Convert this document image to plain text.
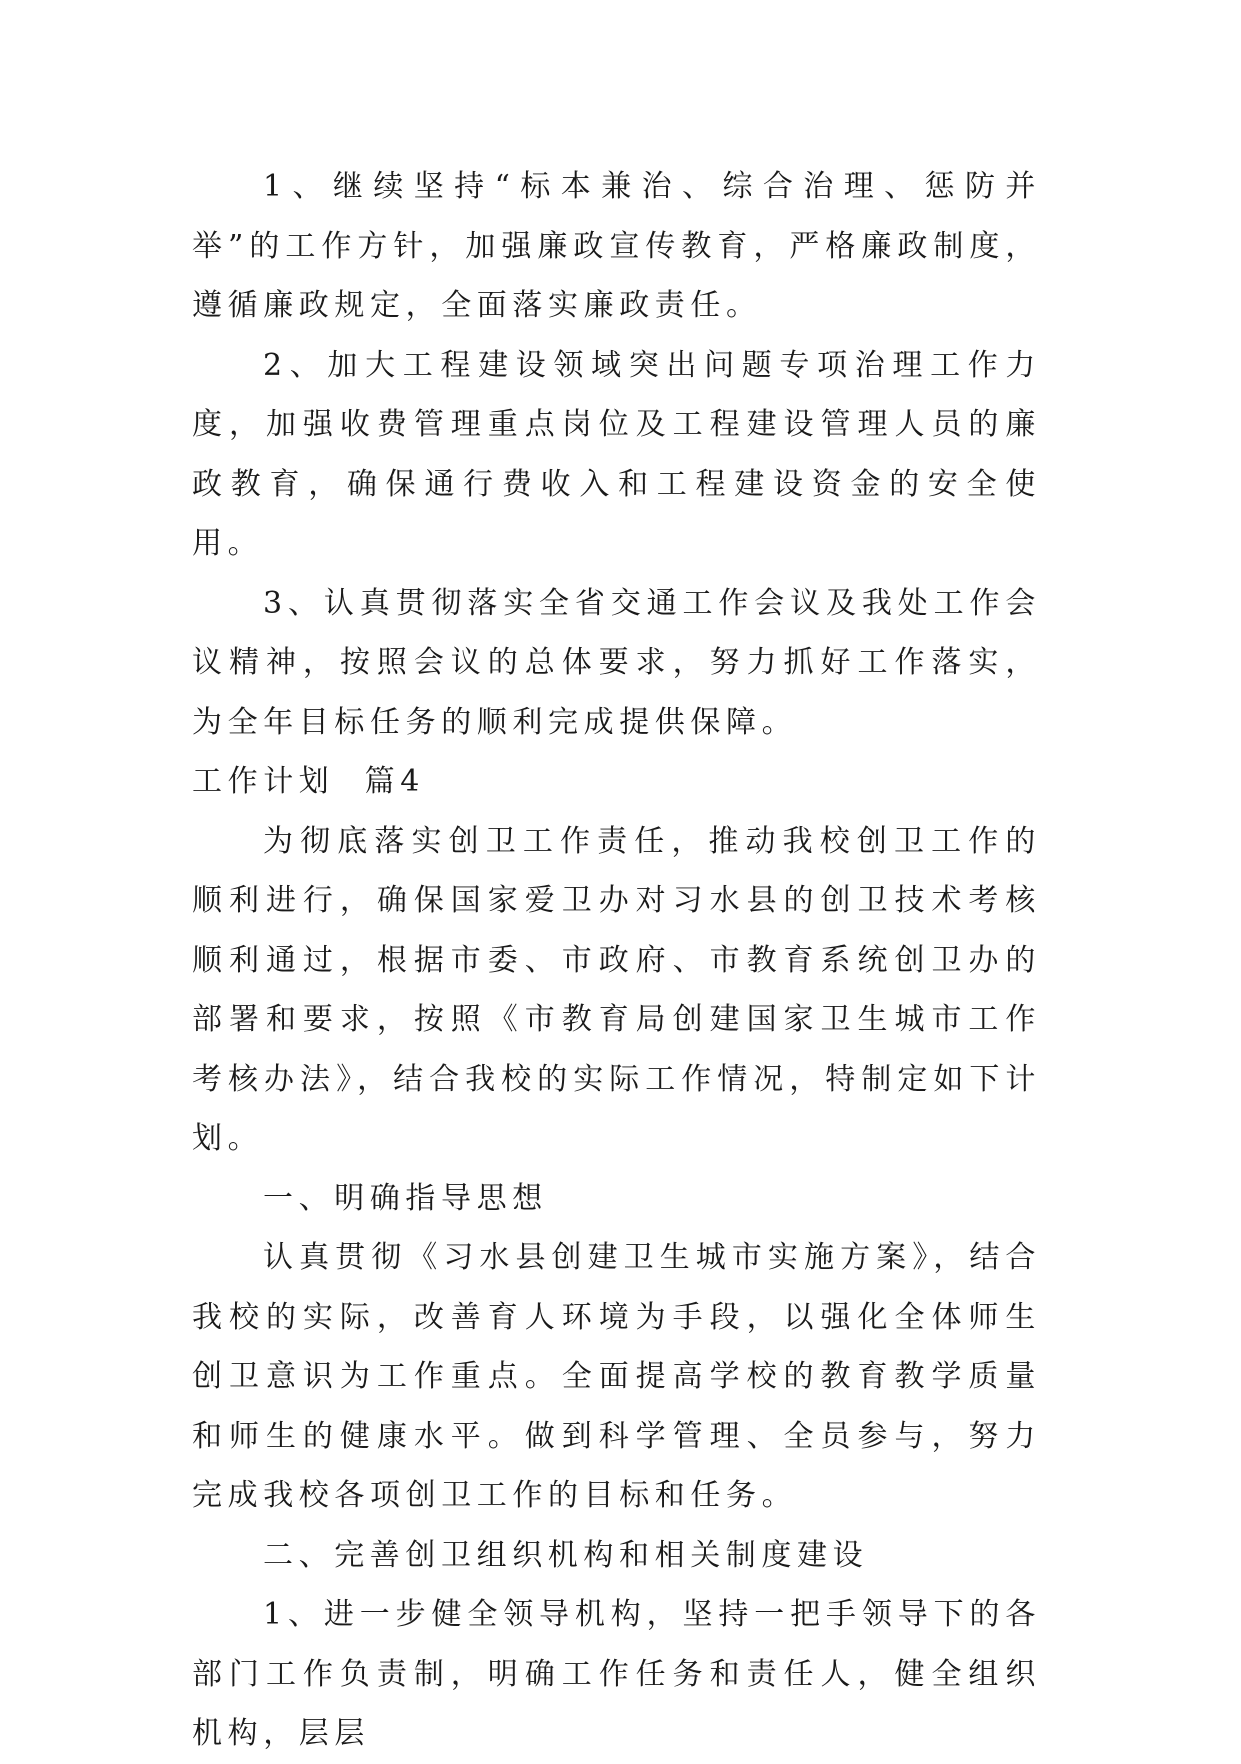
1、继续坚持“标本兼治、综合治理、惩防并举”的工作方针，加强廉政宣传教育，严格廉政制度，遵循廉政规定，全面落实廉政责任。

2、加大工程建设领域突出问题专项治理工作力度，加强收费管理重点岗位及工程建设管理人员的廉政教育，确保通行费收入和工程建设资金的安全使用。

3、认真贯彻落实全省交通工作会议及我处工作会议精神，按照会议的总体要求，努力抓好工作落实，为全年目标任务的顺利完成提供保障。

工作计划  篇4

为彻底落实创卫工作责任，推动我校创卫工作的顺利进行，确保国家爱卫办对习水县的创卫技术考核顺利通过，根据市委、市政府、市教育系统创卫办的部署和要求，按照《市教育局创建国家卫生城市工作考核办法》，结合我校的实际工作情况，特制定如下计划。

一、明确指导思想

认真贯彻《习水县创建卫生城市实施方案》，结合我校的实际，改善育人环境为手段，以强化全体师生创卫意识为工作重点。全面提高学校的教育教学质量和师生的健康水平。做到科学管理、全员参与，努力完成我校各项创卫工作的目标和任务。

二、完善创卫组织机构和相关制度建设

1、进一步健全领导机构，坚持一把手领导下的各部门工作负责制，明确工作任务和责任人，健全组织机构，层层
